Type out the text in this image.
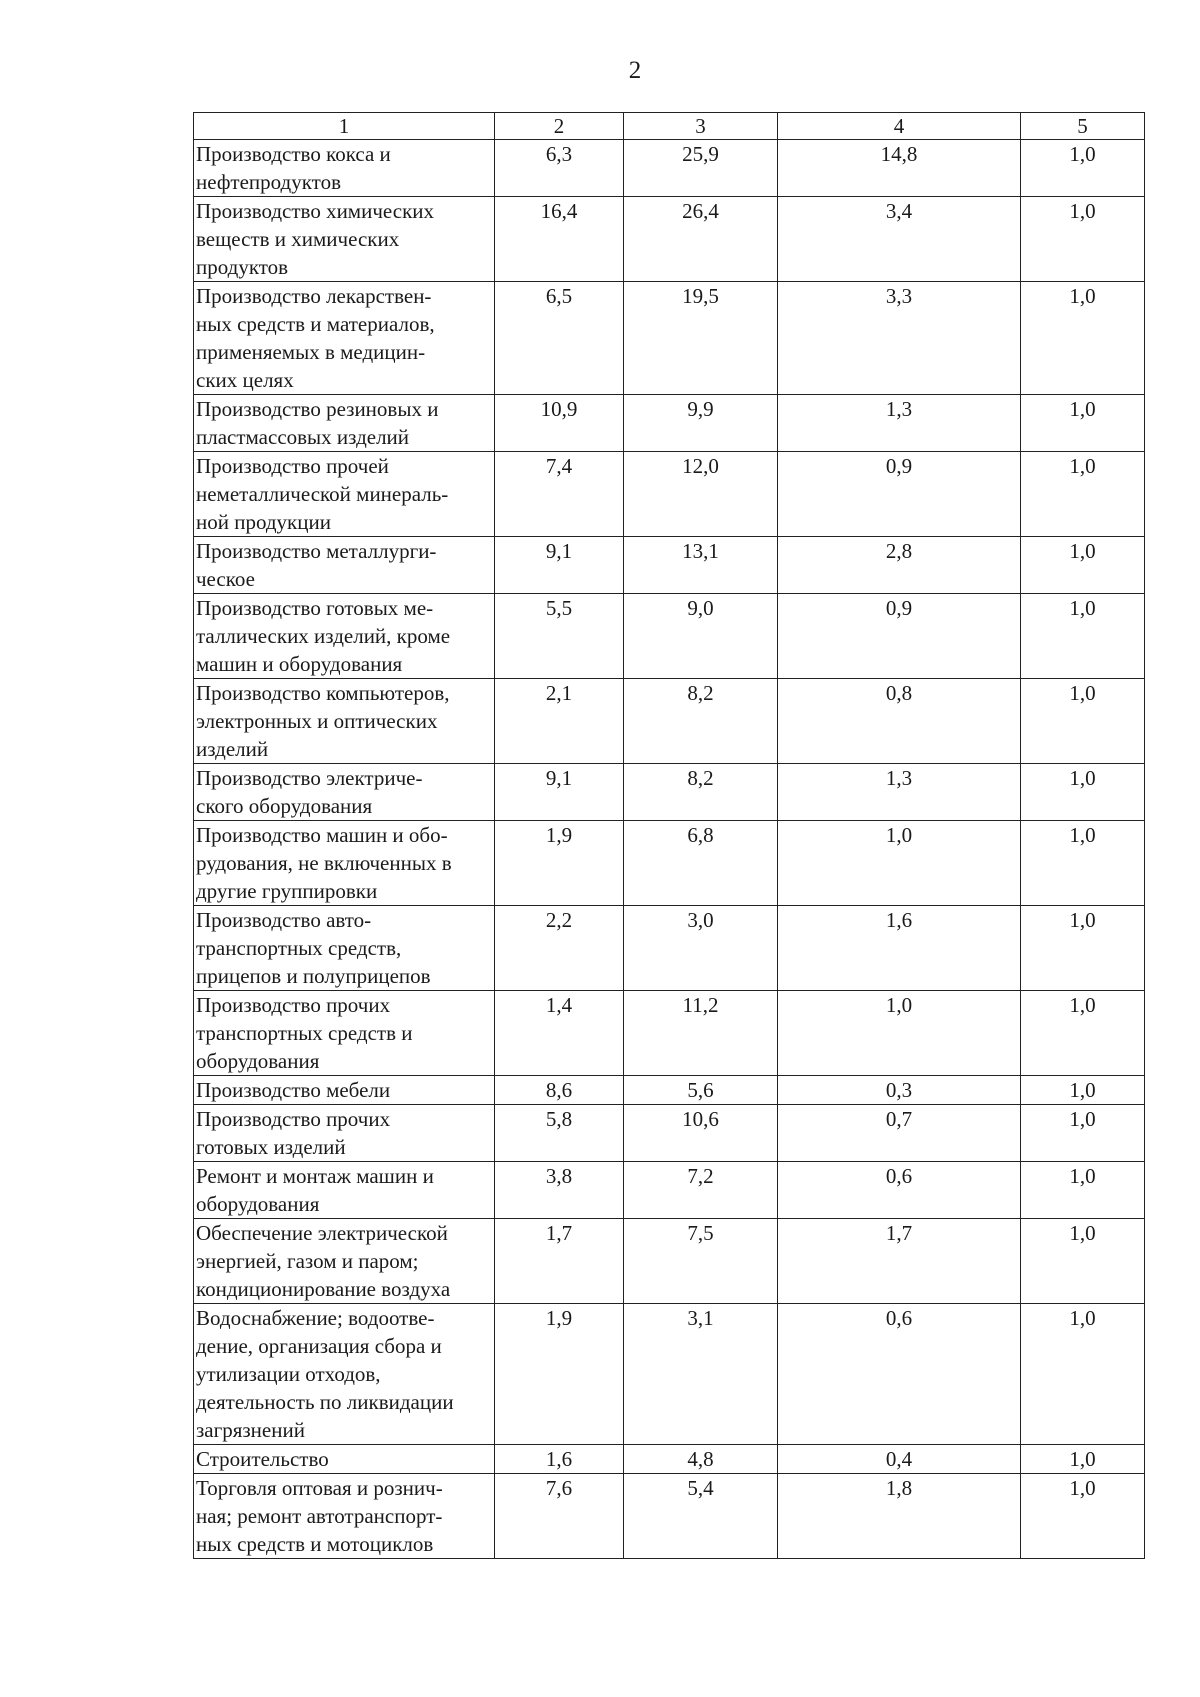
2
1	2	3	4	5

Производство кокса и
нефтепродуктов	6,3	25,9	14,8	1,0

Производство химических
веществ и химических
продуктов	16,4	26,4	3,4	1,0

Производство лекарствен-
ных средств и материалов,
применяемых в медицин-
ских целях	6,5	19,5	3,3	1,0

Производство резиновых и
пластмассовых изделий	10,9	9,9	1,3	1,0

Производство прочей
неметаллической минераль-
ной продукции	7,4	12,0	0,9	1,0

Производство металлурги-
ческое	9,1	13,1	2,8	1,0

Производство готовых ме-
таллических изделий, кроме
машин и оборудования	5,5	9,0	0,9	1,0

Производство компьютеров,
электронных и оптических
изделий	2,1	8,2	0,8	1,0

Производство электриче-
ского оборудования	9,1	8,2	1,3	1,0

Производство машин и обо-
рудования, не включенных в
другие группировки	1,9	6,8	1,0	1,0

Производство авто-
транспортных средств,
прицепов и полуприцепов	2,2	3,0	1,6	1,0

Производство прочих
транспортных средств и
оборудования	1,4	11,2	1,0	1,0

Производство мебели	8,6	5,6	0,3	1,0

Производство прочих
готовых изделий	5,8	10,6	0,7	1,0

Ремонт и монтаж машин и
оборудования	3,8	7,2	0,6	1,0

Обеспечение электрической
энергией, газом и паром;
кондиционирование воздуха	1,7	7,5	1,7	1,0

Водоснабжение; водоотве-
дение, организация сбора и
утилизации отходов,
деятельность по ликвидации
загрязнений	1,9	3,1	0,6	1,0

Строительство	1,6	4,8	0,4	1,0

Торговля оптовая и рознич-
ная; ремонт автотранспорт-
ных средств и мотоциклов	7,6	5,4	1,8	1,0
